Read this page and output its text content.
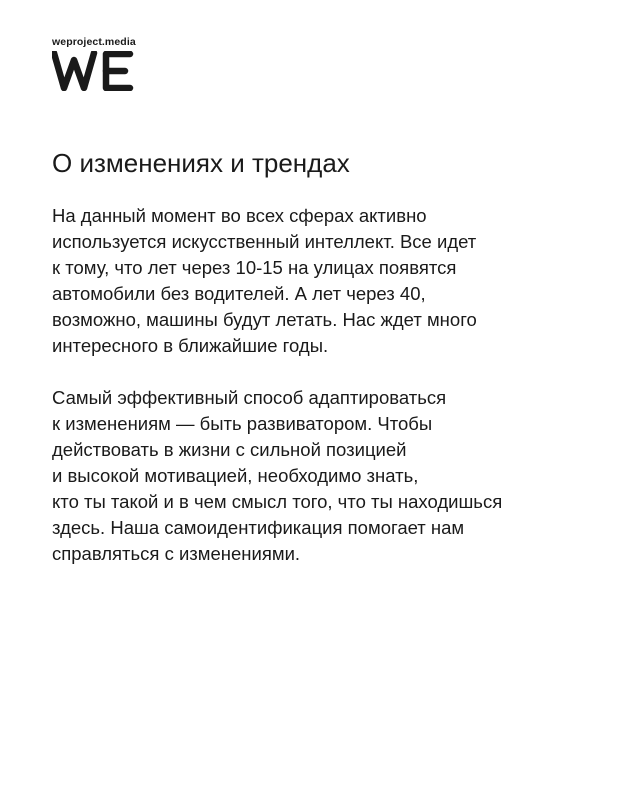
weproject.media
О изменениях и трендах

На данный момент во всех сферах активно
используется искусственный интеллект. Все идет
к тому, что лет через 10-15 на улицах появятся
автомобили без водителей. А лет через 40,
возможно, машины будут летать. Нас ждет много
интересного в ближайшие годы.

Самый эффективный способ адаптироваться
к изменениям — быть развиватором. Чтобы
действовать в жизни с сильной позицией
и высокой мотивацией, необходимо знать,
кто ты такой и в чем смысл того, что ты находишься
здесь. Наша самоидентификация помогает нам
справляться с изменениями.
